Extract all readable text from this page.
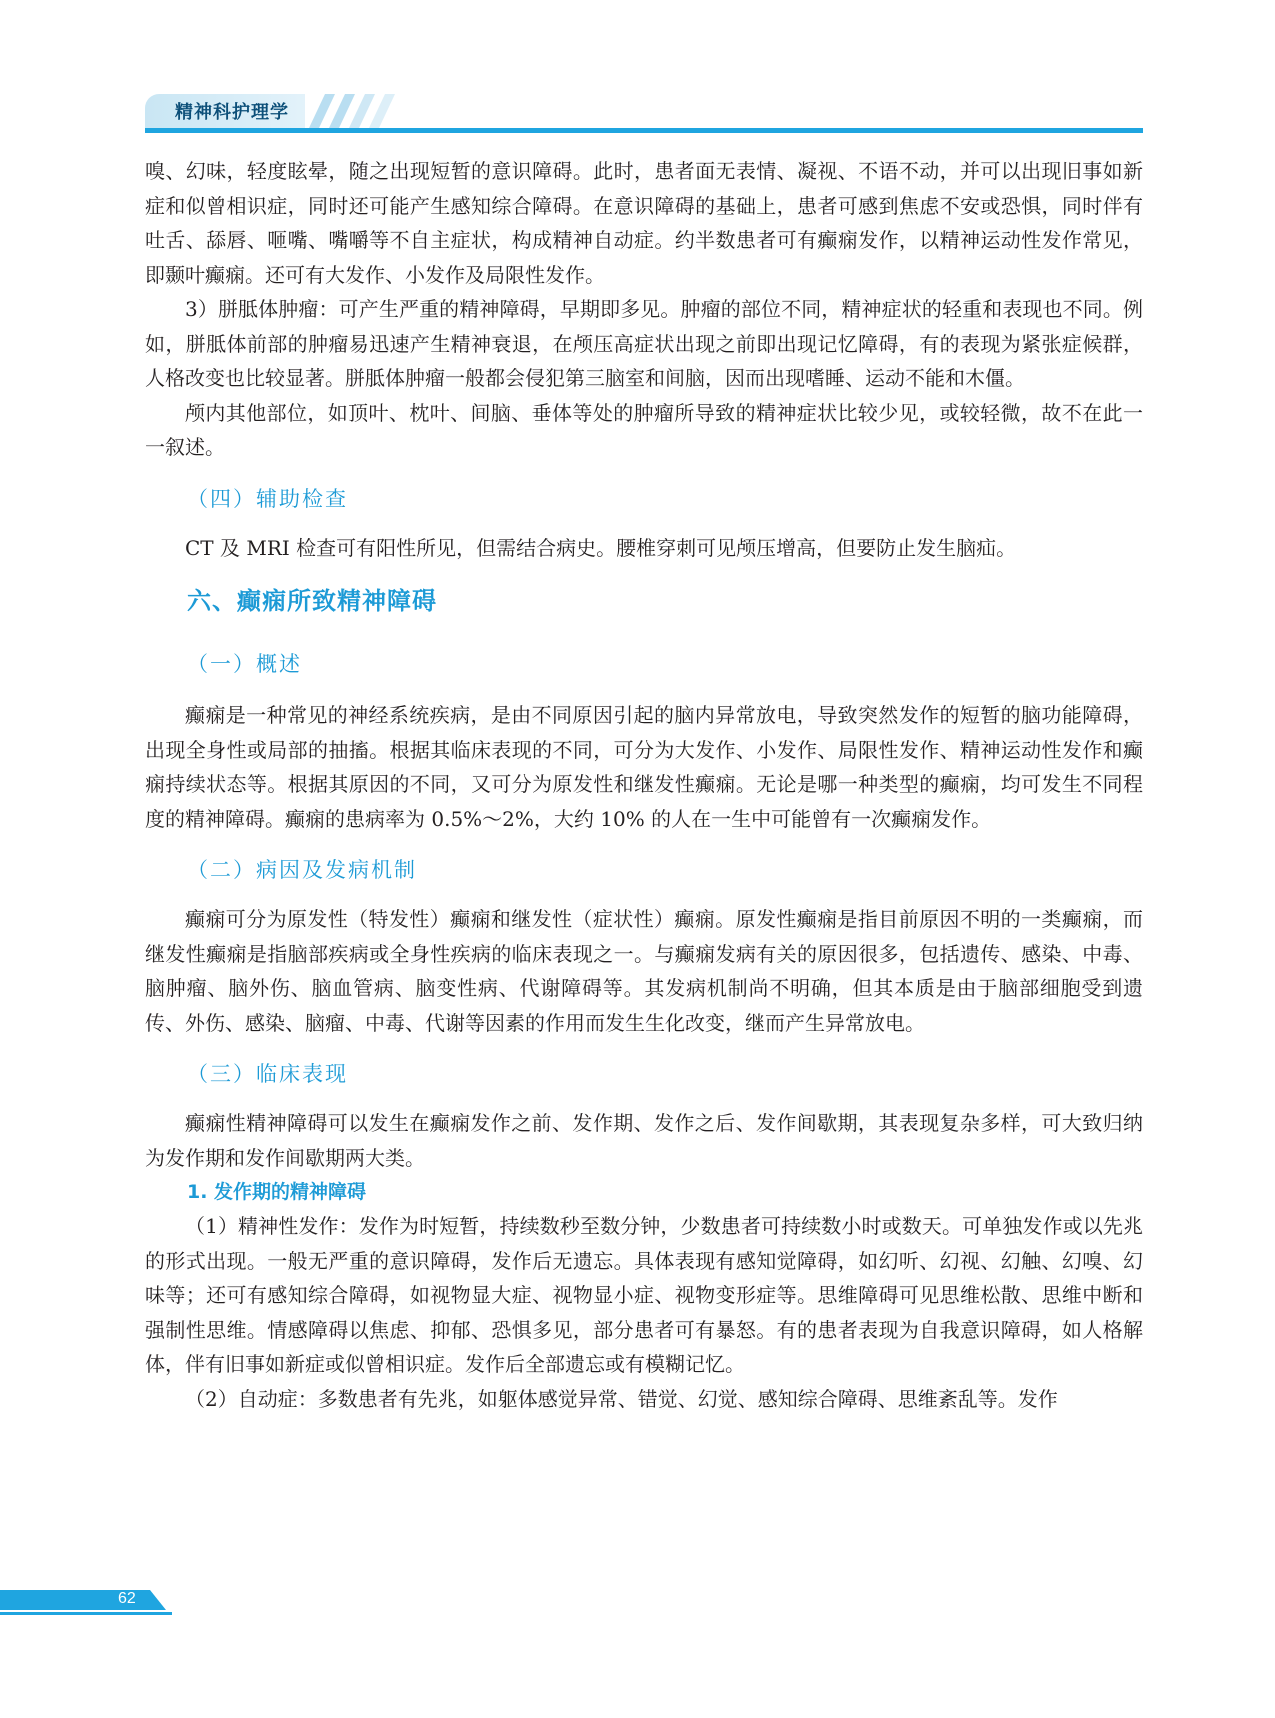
精神科护理学

嗅、幻味，轻度眩晕，随之出现短暂的意识障碍。此时，患者面无表情、凝视、不语不动，并可以出现旧事如新症和似曾相识症，同时还可能产生感知综合障碍。在意识障碍的基础上，患者可感到焦虑不安或恐惧，同时伴有吐舌、舔唇、咂嘴、嘴嚼等不自主症状，构成精神自动症。约半数患者可有癫痫发作，以精神运动性发作常见，即颞叶癫痫。还可有大发作、小发作及局限性发作。

3）胼胝体肿瘤：可产生严重的精神障碍，早期即多见。肿瘤的部位不同，精神症状的轻重和表现也不同。例如，胼胝体前部的肿瘤易迅速产生精神衰退，在颅压高症状出现之前即出现记忆障碍，有的表现为紧张症候群，人格改变也比较显著。胼胝体肿瘤一般都会侵犯第三脑室和间脑，因而出现嗜睡、运动不能和木僵。

颅内其他部位，如顶叶、枕叶、间脑、垂体等处的肿瘤所导致的精神症状比较少见，或较轻微，故不在此一一叙述。

（四）辅助检查

CT 及 MRI 检查可有阳性所见，但需结合病史。腰椎穿刺可见颅压增高，但要防止发生脑疝。

六、癫痫所致精神障碍

（一）概述

癫痫是一种常见的神经系统疾病，是由不同原因引起的脑内异常放电，导致突然发作的短暂的脑功能障碍，出现全身性或局部的抽搐。根据其临床表现的不同，可分为大发作、小发作、局限性发作、精神运动性发作和癫痫持续状态等。根据其原因的不同，又可分为原发性和继发性癫痫。无论是哪一种类型的癫痫，均可发生不同程度的精神障碍。癫痫的患病率为 0.5%～2%，大约 10% 的人在一生中可能曾有一次癫痫发作。

（二）病因及发病机制

癫痫可分为原发性（特发性）癫痫和继发性（症状性）癫痫。原发性癫痫是指目前原因不明的一类癫痫，而继发性癫痫是指脑部疾病或全身性疾病的临床表现之一。与癫痫发病有关的原因很多，包括遗传、感染、中毒、脑肿瘤、脑外伤、脑血管病、脑变性病、代谢障碍等。其发病机制尚不明确，但其本质是由于脑部细胞受到遗传、外伤、感染、脑瘤、中毒、代谢等因素的作用而发生生化改变，继而产生异常放电。

（三）临床表现

癫痫性精神障碍可以发生在癫痫发作之前、发作期、发作之后、发作间歇期，其表现复杂多样，可大致归纳为发作期和发作间歇期两大类。

1. 发作期的精神障碍

（1）精神性发作：发作为时短暂，持续数秒至数分钟，少数患者可持续数小时或数天。可单独发作或以先兆的形式出现。一般无严重的意识障碍，发作后无遗忘。具体表现有感知觉障碍，如幻听、幻视、幻触、幻嗅、幻味等；还可有感知综合障碍，如视物显大症、视物显小症、视物变形症等。思维障碍可见思维松散、思维中断和强制性思维。情感障碍以焦虑、抑郁、恐惧多见，部分患者可有暴怒。有的患者表现为自我意识障碍，如人格解体，伴有旧事如新症或似曾相识症。发作后全部遗忘或有模糊记忆。

（2）自动症：多数患者有先兆，如躯体感觉异常、错觉、幻觉、感知综合障碍、思维紊乱等。发作

62
